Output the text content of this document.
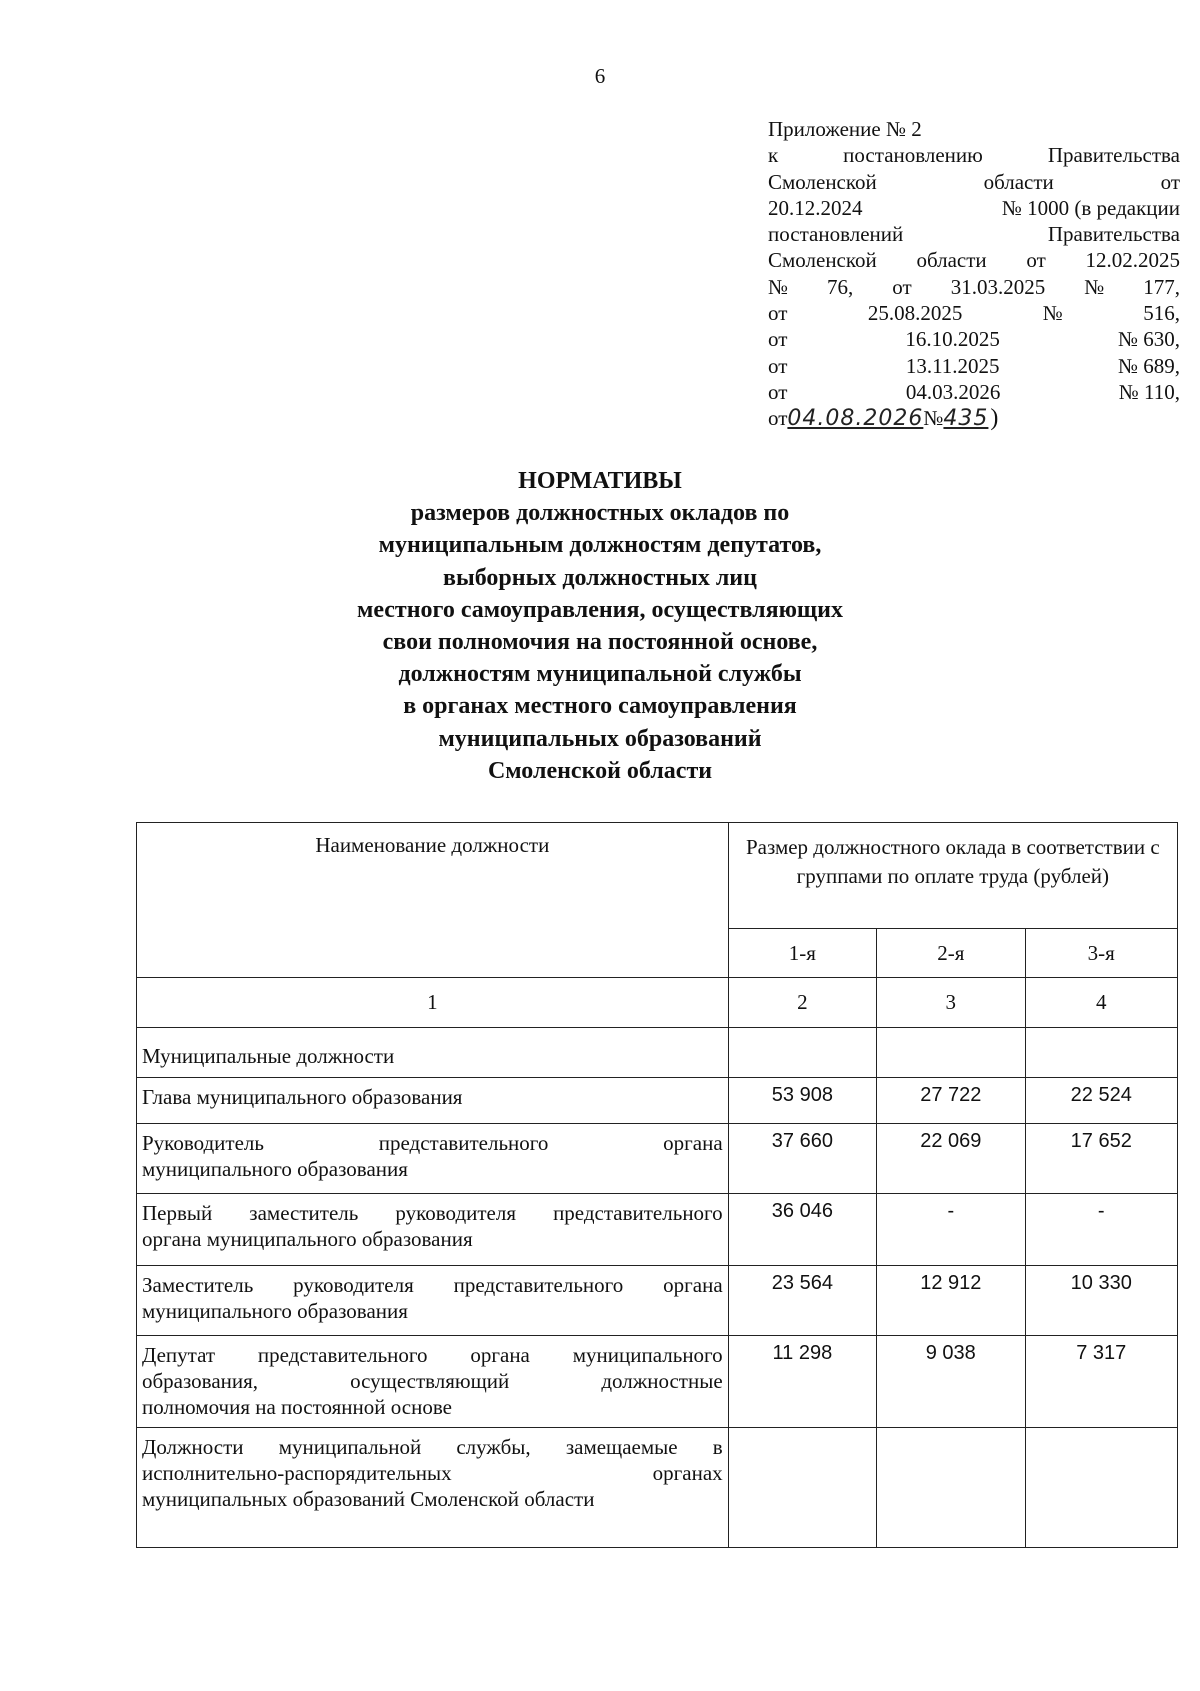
6
Приложение № 2
к	постановлению	Правительства
Смоленской	области	от
20.12.2024	№ 1000 (в редакции
постановлений	Правительства
Смоленской области от 12.02.2025
№ 76, от 31.03.2025 № 177,
от	25.08.2025	№	516,
от	16.10.2025	№ 630,
от	13.11.2025	№ 689,
от	04.03.2026	№ 110,
от 04.08.2026 № 435 )
НОРМАТИВЫ
размеров должностных окладов по
муниципальным должностям депутатов,
выборных должностных лиц
местного самоуправления, осуществляющих
свои полномочия на постоянной основе,
должностям муниципальной службы
в органах местного самоуправления
муниципальных образований
Смоленской области
Наименование должности	Размер должностного оклада в соответствии с группами по оплате труда (рублей)		
	1-я	2-я	3-я
1	2	3	4

Муниципальные должности			

Глава муниципального образования	53 908	27 722	22 524

Руководитель представительного органа
муниципального образования	37 660	22 069	17 652

Первый заместитель руководителя представительного
органа муниципального образования	36 046	-	-

Заместитель руководителя представительного органа
муниципального образования	23 564	12 912	10 330

Депутат представительного органа муниципального
образования, осуществляющий должностные
полномочия на постоянной основе	11 298	9 038	7 317

Должности муниципальной службы, замещаемые в
исполнительно-распорядительных органах
муниципальных образований Смоленской области			
